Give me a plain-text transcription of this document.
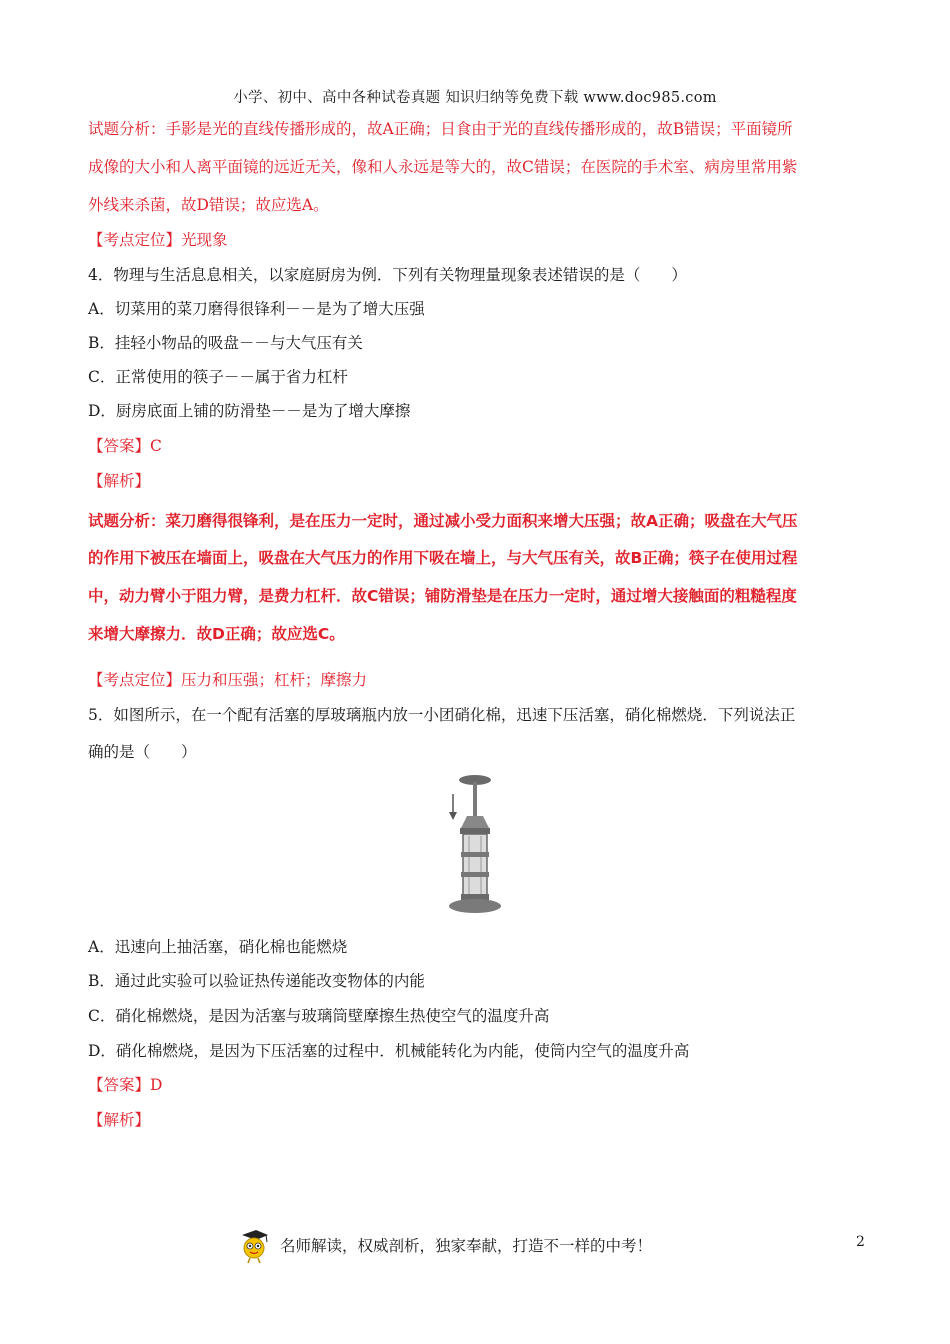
小学、初中、高中各种试卷真题 知识归纳等免费下载 www.doc985.com
试题分析：手影是光的直线传播形成的，故A正确；日食由于光的直线传播形成的，故B错误；平面镜所
成像的大小和人离平面镜的远近无关，像和人永远是等大的，故C错误；在医院的手术室、病房里常用紫
外线来杀菌，故D错误；故应选A。
【考点定位】光现象
4．物理与生活息息相关，以家庭厨房为例．下列有关物理量现象表述错误的是（　　）
A．切菜用的菜刀磨得很锋利－－是为了增大压强
B．挂轻小物品的吸盘－－与大气压有关
C．正常使用的筷子－－属于省力杠杆
D．厨房底面上铺的防滑垫－－是为了增大摩擦
【答案】C
【解析】
试题分析：菜刀磨得很锋利，是在压力一定时，通过减小受力面积来增大压强；故A正确；吸盘在大气压
的作用下被压在墙面上，吸盘在大气压力的作用下吸在墙上，与大气压有关，故B正确；筷子在使用过程
中，动力臂小于阻力臂，是费力杠杆．故C错误；铺防滑垫是在压力一定时，通过增大接触面的粗糙程度
来增大摩擦力．故D正确；故应选C。
【考点定位】压力和压强；杠杆；摩擦力
5．如图所示，在一个配有活塞的厚玻璃瓶内放一小团硝化棉，迅速下压活塞，硝化棉燃烧．下列说法正
确的是（　　）
A．迅速向上抽活塞，硝化棉也能燃烧
B．通过此实验可以验证热传递能改变物体的内能
C．硝化棉燃烧，是因为活塞与玻璃筒壁摩擦生热使空气的温度升高
D．硝化棉燃烧，是因为下压活塞的过程中．机械能转化为内能，使筒内空气的温度升高
【答案】D
【解析】
名师解读，权威剖析，独家奉献，打造不一样的中考！	2
